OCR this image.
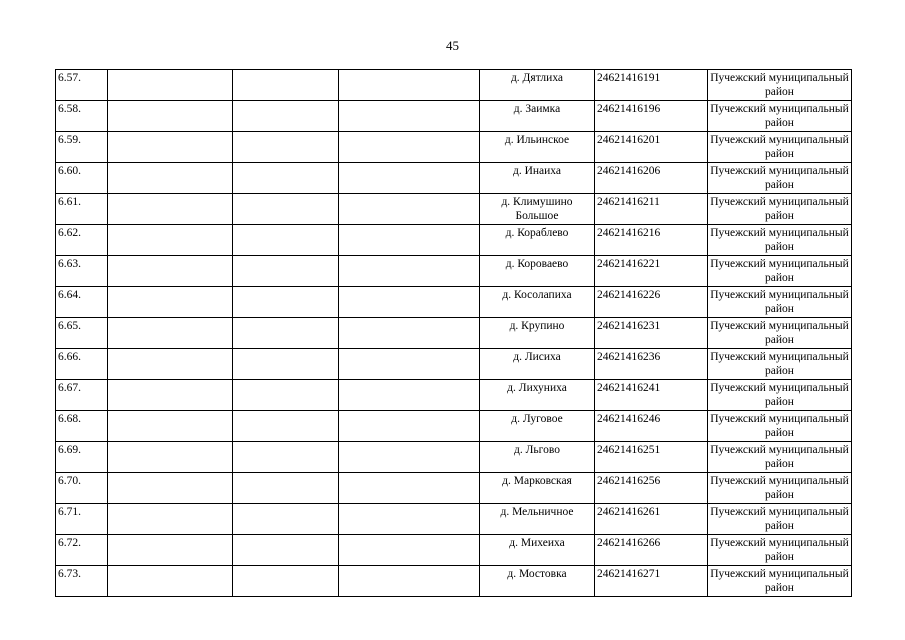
45
6.57.				д. Дятлиха	24621416191	Пучежский муниципальный район
6.58.				д. Заимка	24621416196	Пучежский муниципальный район
6.59.				д. Ильинское	24621416201	Пучежский муниципальный район
6.60.				д. Инаиха	24621416206	Пучежский муниципальный район
6.61.				д. Климушино Большое	24621416211	Пучежский муниципальный район
6.62.				д. Кораблево	24621416216	Пучежский муниципальный район
6.63.				д. Короваево	24621416221	Пучежский муниципальный район
6.64.				д. Косолапиха	24621416226	Пучежский муниципальный район
6.65.				д. Крупино	24621416231	Пучежский муниципальный район
6.66.				д. Лисиха	24621416236	Пучежский муниципальный район
6.67.				д. Лихуниха	24621416241	Пучежский муниципальный район
6.68.				д. Луговое	24621416246	Пучежский муниципальный район
6.69.				д. Льгово	24621416251	Пучежский муниципальный район
6.70.				д. Марковская	24621416256	Пучежский муниципальный район
6.71.				д. Мельничное	24621416261	Пучежский муниципальный район
6.72.				д. Михеиха	24621416266	Пучежский муниципальный район
6.73.				д. Мостовка	24621416271	Пучежский муниципальный район
